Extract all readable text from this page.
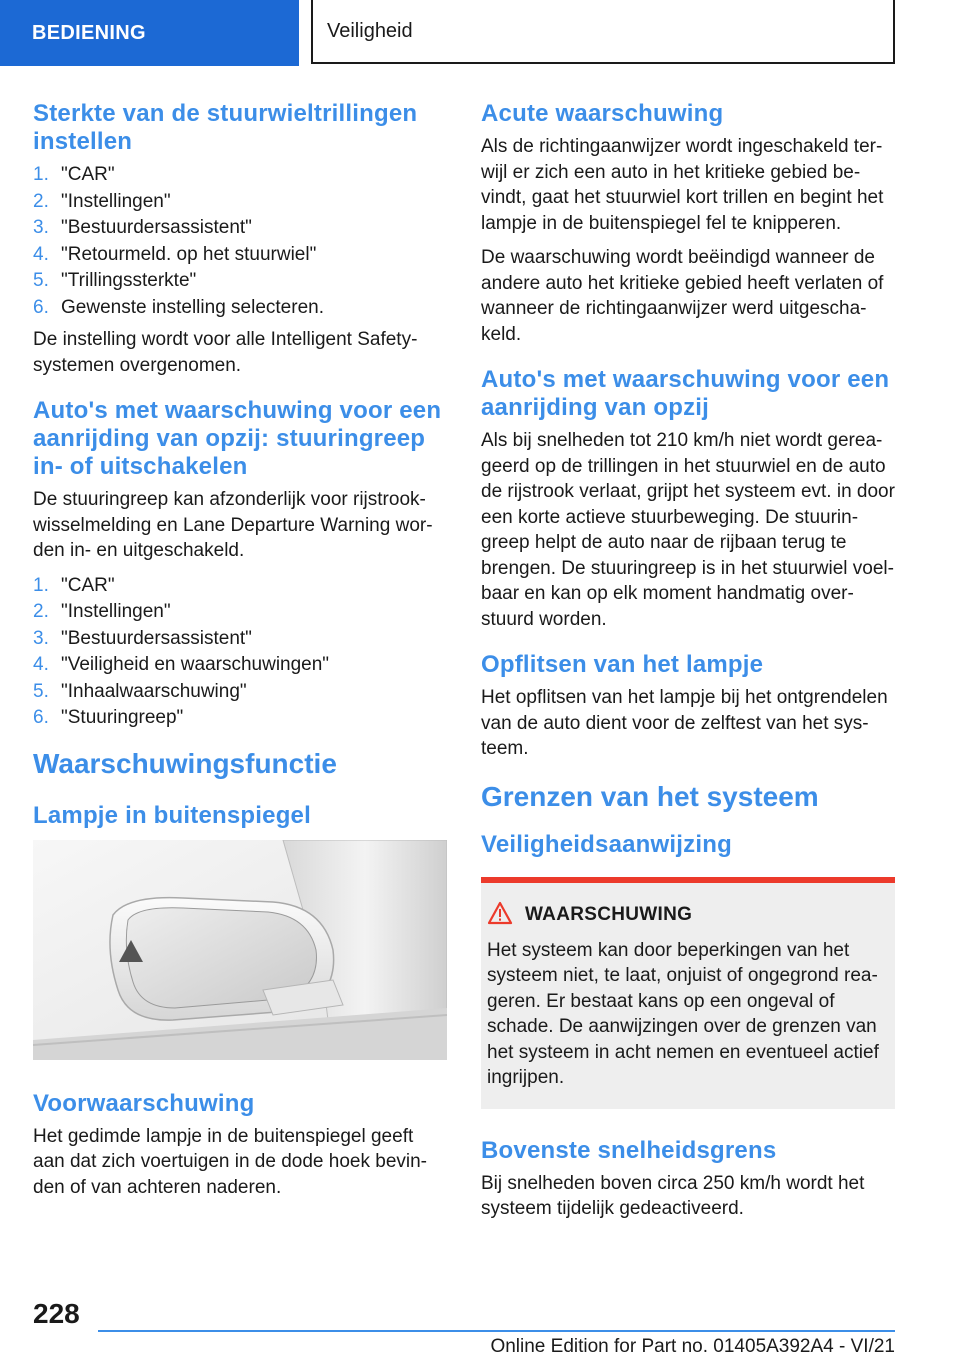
BEDIENING	Veiligheid
Sterkte van de stuurwieltrillingen instellen
1. "CAR"
2. "Instellingen"
3. "Bestuurdersassistent"
4. "Retourmeld. op het stuurwiel"
5. "Trillingssterkte"
6. Gewenste instelling selecteren.

De instelling wordt voor alle Intelligent Safety-systemen overgenomen.

Auto's met waarschuwing voor een aanrijding van opzij: stuuringreep in- of uitschakelen

De stuuringreep kan afzonderlijk voor rijstrook-wisselmelding en Lane Departure Warning wor-den in- en uitgeschakeld.

1. "CAR"
2. "Instellingen"
3. "Bestuurdersassistent"
4. "Veiligheid en waarschuwingen"
5. "Inhaalwaarschuwing"
6. "Stuuringreep"
Waarschuwingsfunctie
Lampje in buitenspiegel
Voorwaarschuwing

Het gedimde lampje in de buitenspiegel geeft aan dat zich voertuigen in de dode hoek bevin-den of van achteren naderen.

Acute waarschuwing

Als de richtingaanwijzer wordt ingeschakeld ter-wijl er zich een auto in het kritieke gebied be-vindt, gaat het stuurwiel kort trillen en begint het lampje in de buitenspiegel fel te knipperen.

De waarschuwing wordt beëindigd wanneer de andere auto het kritieke gebied heeft verlaten of wanneer de richtingaanwijzer werd uitgescha-keld.

Auto's met waarschuwing voor een aanrijding van opzij

Als bij snelheden tot 210 km/h niet wordt gerea-geerd op de trillingen in het stuurwiel en de auto de rijstrook verlaat, grijpt het systeem evt. in door een korte actieve stuurbeweging. De stuurin-greep helpt de auto naar de rijbaan terug te brengen. De stuuringreep is in het stuurwiel voel-baar en kan op elk moment handmatig over-stuurd worden.

Opflitsen van het lampje

Het opflitsen van het lampje bij het ontgrendelen van de auto dient voor de zelftest van het sys-teem.

Grenzen van het systeem
Veiligheidsaanwijzing
WAARSCHUWING

Het systeem kan door beperkingen van het systeem niet, te laat, onjuist of ongegrond rea-geren. Er bestaat kans op een ongeval of schade. De aanwijzingen over de grenzen van het systeem in acht nemen en eventueel actief ingrijpen.

Bovenste snelheidsgrens

Bij snelheden boven circa 250 km/h wordt het systeem tijdelijk gedeactiveerd.

228
Online Edition for Part no. 01405A392A4 - VI/21
